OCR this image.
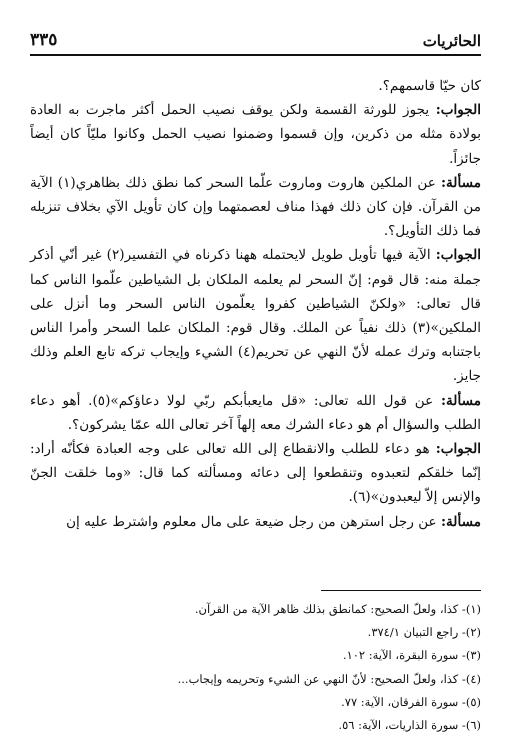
الحائريات
٣٣٥

كان حيّا قاسمهم؟.

الجواب: يجوز للورثة القسمة ولكن يوقف نصيب الحمل أكثر ماجرت به العادة بولادة مثله من ذكرين، وإن قسموا وضمنوا نصيب الحمل وكانوا مليّاً كان أيضاً جائزاً.

مسألة: عن الملكين هاروت وماروت علّما السحر كما نطق ذلك بظاهري(١) الآية من القرآن. فإن كان ذلك فهذا مناف لعصمتهما وإن كان تأويل الآي بخلاف تنزيله فما ذلك التأويل؟.

الجواب: الآية فيها تأويل طويل لايحتمله ههنا ذكرناه في التفسير(٢) غير أنّي أذكر جملة منه: قال قوم: إنّ السحر لم يعلمه الملكان بل الشياطين علّموا الناس كما قال تعالى: «ولكنّ الشياطين كفروا يعلّمون الناس السحر وما أنزل على الملكين»(٣) ذلك نفياً عن الملك. وقال قوم: الملكان علما السحر وأمرا الناس باجتنابه وترك عمله لأنّ النهي عن تحريم(٤) الشيء وإيجاب تركه تابع العلم وذلك جايز.

مسألة: عن قول الله تعالى: «قل مايعبأبكم ربّي لولا دعاؤكم»(٥). أهو دعاء الطلب والسؤال أم هو دعاء الشرك معه إلهاً آخر تعالى الله عمّا يشركون؟.

الجواب: هو دعاء للطلب والانقطاع إلى الله تعالى على وجه العبادة فكأنّه أراد: إنّما خلقكم لتعبدوه وتنقطعوا إلى دعائه ومسألته كما قال: «وما خلقت الجنّ والإنس إلاّ ليعبدون»(٦).

مسألة: عن رجل استرهن من رجل ضيعة على مال معلوم واشترط عليه إن

(١)- كذا، ولعلّ الصحيح: كمانطق بذلك ظاهر الآية من القرآن.
(٢)- راجع التبيان ٣٧٤/١.
(٣)- سورة البقرة، الآية: ١٠٢.
(٤)- كذا، ولعلّ الصحيح: لأنّ النهي عن الشيء وتحريمه وإيجاب...
(٥)- سورة الفرقان، الآية: ٧٧.
(٦)- سورة الذاريات، الآية: ٥٦.
